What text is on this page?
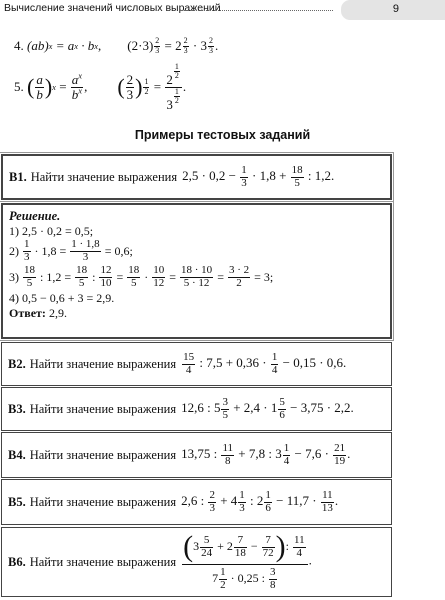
Вычисление значений числовых выражений	9
4.
(ab) x
= a x
· b x , $(2\cdot 3) \frac{2}{3}$
= $2 \frac{2}{3}$
· $3 \frac{2}{3}$ .
5.
( $\frac{a}{b}$ ) x
=
$\frac{a^x}{b^x}$ , ( $\frac{2}{3}$ ) $\frac{1}{2}$
=
$\frac{2 \frac{1}{2}}{3 \frac{1}{2}}$ .
Примеры тестовых заданий
B1. Найти значение выражения $2,5 \cdot 0,2 - \frac{1}{3} \cdot 1,8 + \frac{18}{5}$ : 1,2.
Решение.
1) 2,5 · 0,2 = 0,5;
2)
$\frac{1}{3}$
· 1,8 =
$\frac{1 \cdot 1,8}{3}$
= 0,6;
3)
$\frac{18}{5}$
: 1,2 =
$\frac{18}{5}$
:
$\frac{12}{10}$
=
$\frac{18}{5}$
·
$\frac{10}{12}$
=
$\frac{18 \cdot 10}{5 \cdot 12}$
=
$\frac{3 \cdot 2}{2}$
= 3;
4) 0,5 − 0,6 + 3 = 2,9.
Ответ: 2,9.
B2. Найти значение выражения $\frac{15}{4}$ : $7,5 + 0,36 \cdot \frac{1}{4} - 0,15 \cdot 0,6$.
B3. Найти значение выражения 12,6 : $5 \frac{3}{5} + 2,4 \cdot 1 \frac{5}{6} - 3,75 \cdot 2,2$.
B4. Найти значение выражения 13,75 : $\frac{11}{8} + 7,8$ : $3 \frac{1}{4} - 7,6 \cdot \frac{21}{19}$ .
B5. Найти значение выражения 2,6 : $\frac{2}{3} + 4 \frac{1}{3}$ : $2 \frac{1}{6} - 11,7 \cdot \frac{11}{13}$ .
B6. Найти значение выражения $\frac{(3 \frac{5}{24} + 2 \frac{7}{18} - \frac{7}{72} ): \frac{11}{4}}{7 \frac{1}{2} \cdot 0,25 : \frac{3}{8}}$ .
